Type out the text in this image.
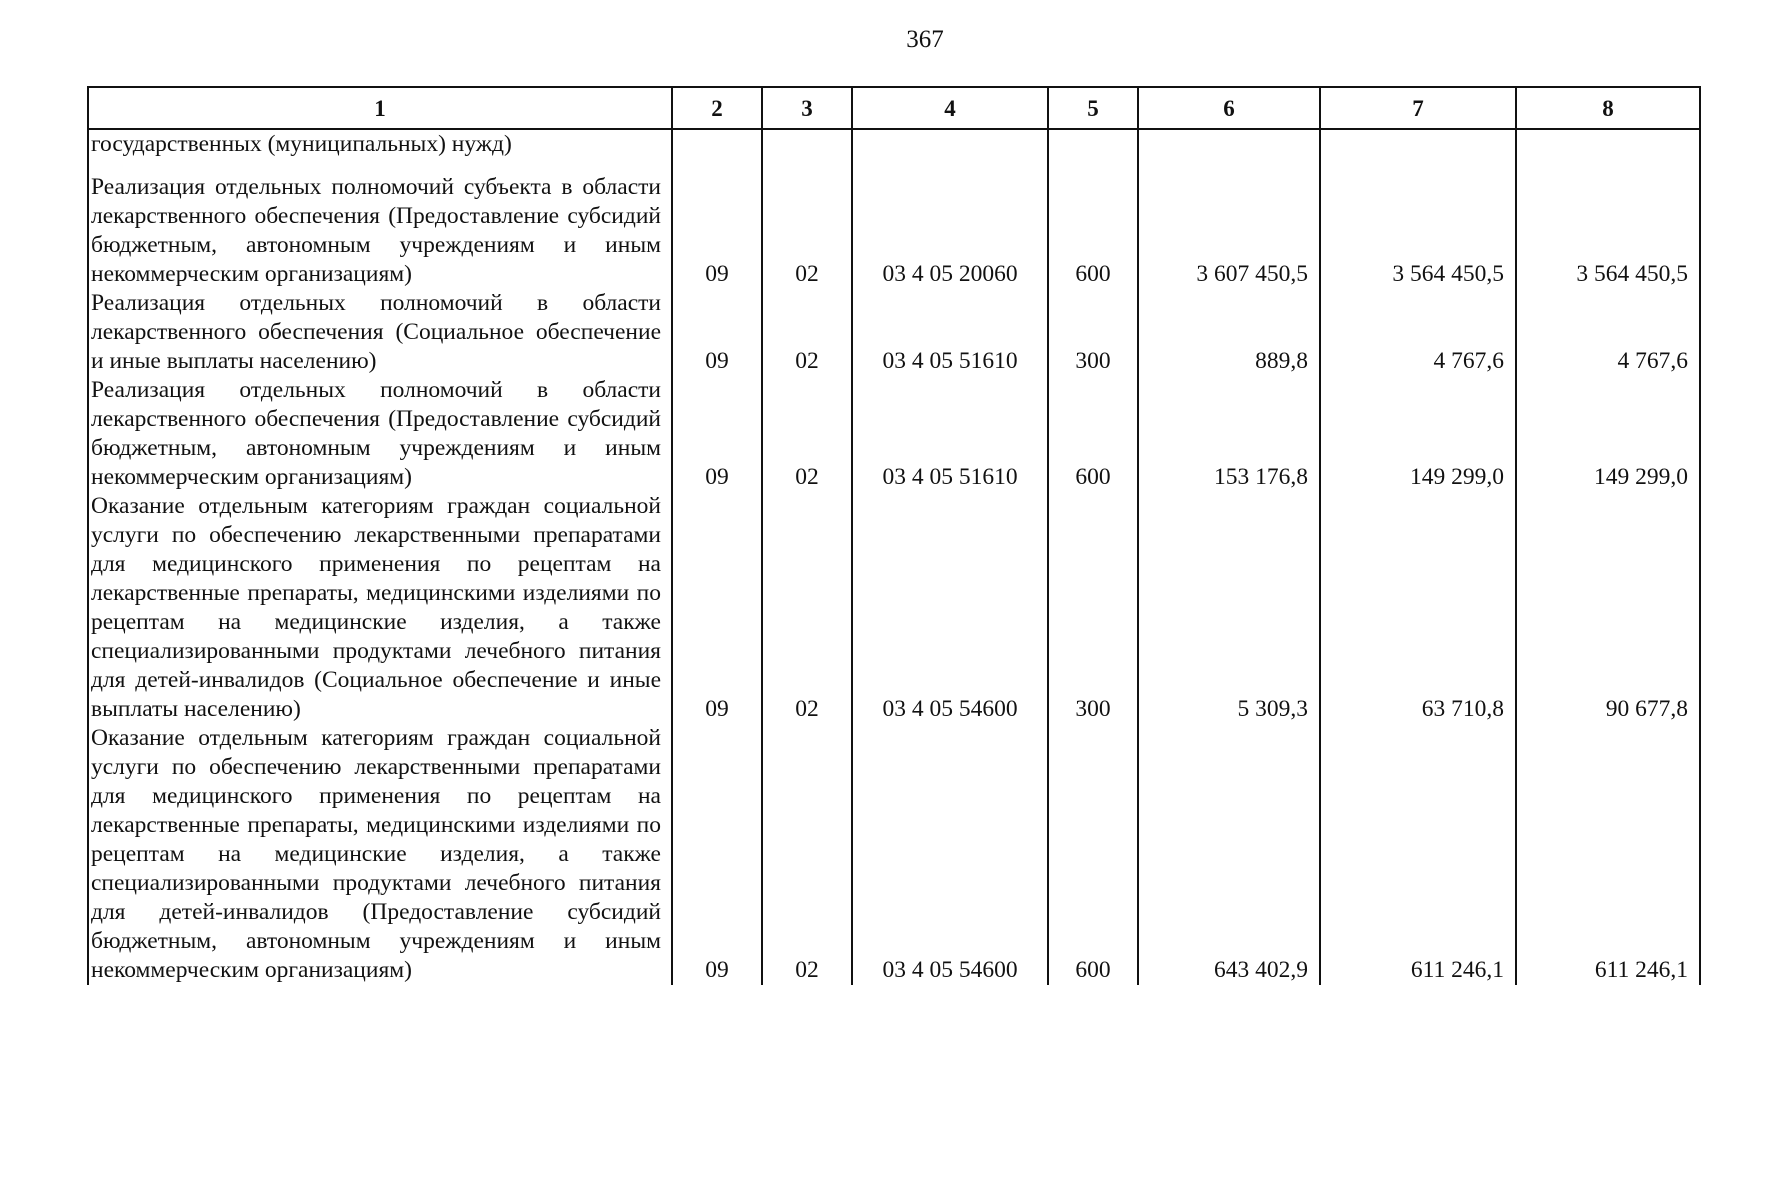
367
1	2	3	4	5	6	7	8
государственных (муниципальных) нужд)							
Реализация отдельных полномочий субъекта в области лекарственного обеспечения (Предоставление субсидий бюджетным, автономным учреждениям и иным некоммерческим организациям)	09	02	03 4 05 20060	600	3 607 450,5	3 564 450,5	3 564 450,5
Реализация отдельных полномочий в области лекарственного обеспечения (Социальное обеспечение и иные выплаты населению)	09	02	03 4 05 51610	300	889,8	4 767,6	4 767,6
Реализация отдельных полномочий в области лекарственного обеспечения (Предоставление субсидий бюджетным, автономным учреждениям и иным некоммерческим организациям)	09	02	03 4 05 51610	600	153 176,8	149 299,0	149 299,0
Оказание отдельным категориям граждан социальной услуги по обеспечению лекарственными препаратами для медицинского применения по рецептам на лекарственные препараты, медицинскими изделиями по рецептам на медицинские изделия, а также специализированными продуктами лечебного питания для детей-инвалидов (Социальное обеспечение и иные выплаты населению)	09	02	03 4 05 54600	300	5 309,3	63 710,8	90 677,8
Оказание отдельным категориям граждан социальной услуги по обеспечению лекарственными препаратами для медицинского применения по рецептам на лекарственные препараты, медицинскими изделиями по рецептам на медицинские изделия, а также специализированными продуктами лечебного питания для детей-инвалидов (Предоставление субсидий бюджетным, автономным учреждениям и иным некоммерческим организациям)	09	02	03 4 05 54600	600	643 402,9	611 246,1	611 246,1
